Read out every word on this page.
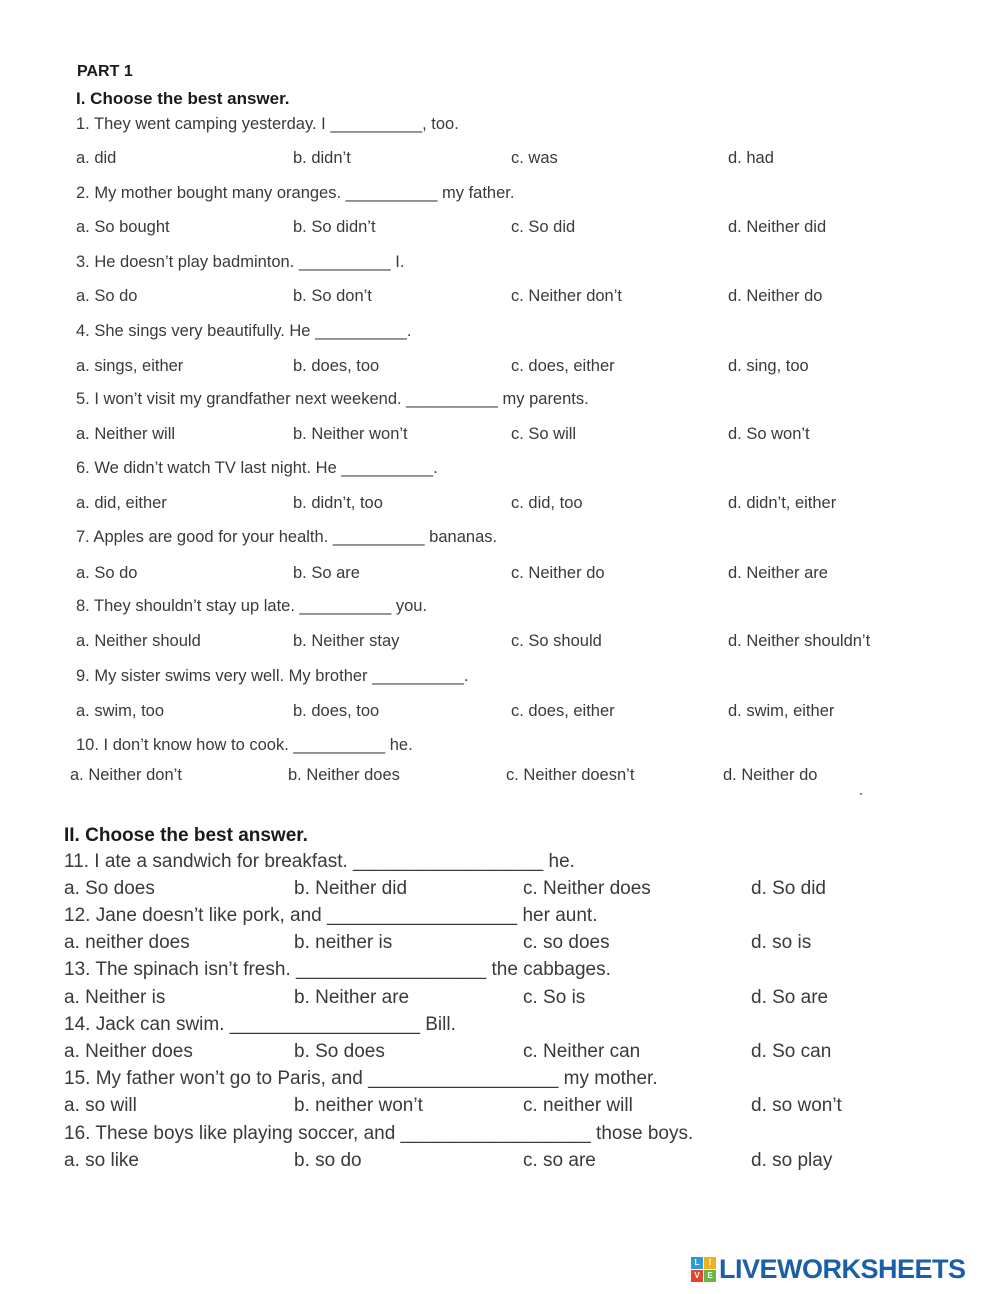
PART 1
I. Choose the best answer.
1. They went camping yesterday. I __________, too.
a. did	b. didn’t	c. was	d. had
2. My mother bought many oranges. __________ my father.
a. So bought	b. So didn’t	c. So did	d. Neither did
3. He doesn’t play badminton. __________ I.
a. So do	b. So don’t	c. Neither don’t	d. Neither do
4. She sings very beautifully. He __________.
a. sings, either	b. does, too	c. does, either	d. sing, too
5. I won’t visit my grandfather next weekend. __________ my parents.
a. Neither will	b. Neither won’t	c. So will	d. So won’t
6. We didn’t watch TV last night. He __________.
a. did, either	b. didn’t, too	c. did, too	d. didn’t, either
7. Apples are good for your health. __________ bananas.
a. So do	b. So are	c. Neither do	d. Neither are
8. They shouldn’t stay up late. __________ you.
a. Neither should	b. Neither stay	c. So should	d. Neither shouldn’t
9. My sister swims very well. My brother __________.
a. swim, too	b. does, too	c. does, either	d. swim, either
10. I don’t know how to cook. __________ he.
a. Neither don’t	b. Neither does	c. Neither doesn’t	d. Neither do
II. Choose the best answer.
11. I ate a sandwich for breakfast. __________________ he.
a. So does	b. Neither did	c. Neither does	d. So did
12. Jane doesn’t like pork, and __________________ her aunt.
a. neither does	b. neither is	c. so does	d. so is
13. The spinach isn’t fresh. __________________ the cabbages.
a. Neither is	b. Neither are	c. So is	d. So are
14. Jack can swim. __________________ Bill.
a. Neither does	b. So does	c. Neither can	d. So can
15. My father won’t go to Paris, and __________________ my mother.
a. so will	b. neither won’t	c. neither will	d. so won’t
16. These boys like playing soccer, and __________________ those boys.
a. so like	b. so do	c. so are	d. so play
L	I
V E LIVEWORKSHEETS
